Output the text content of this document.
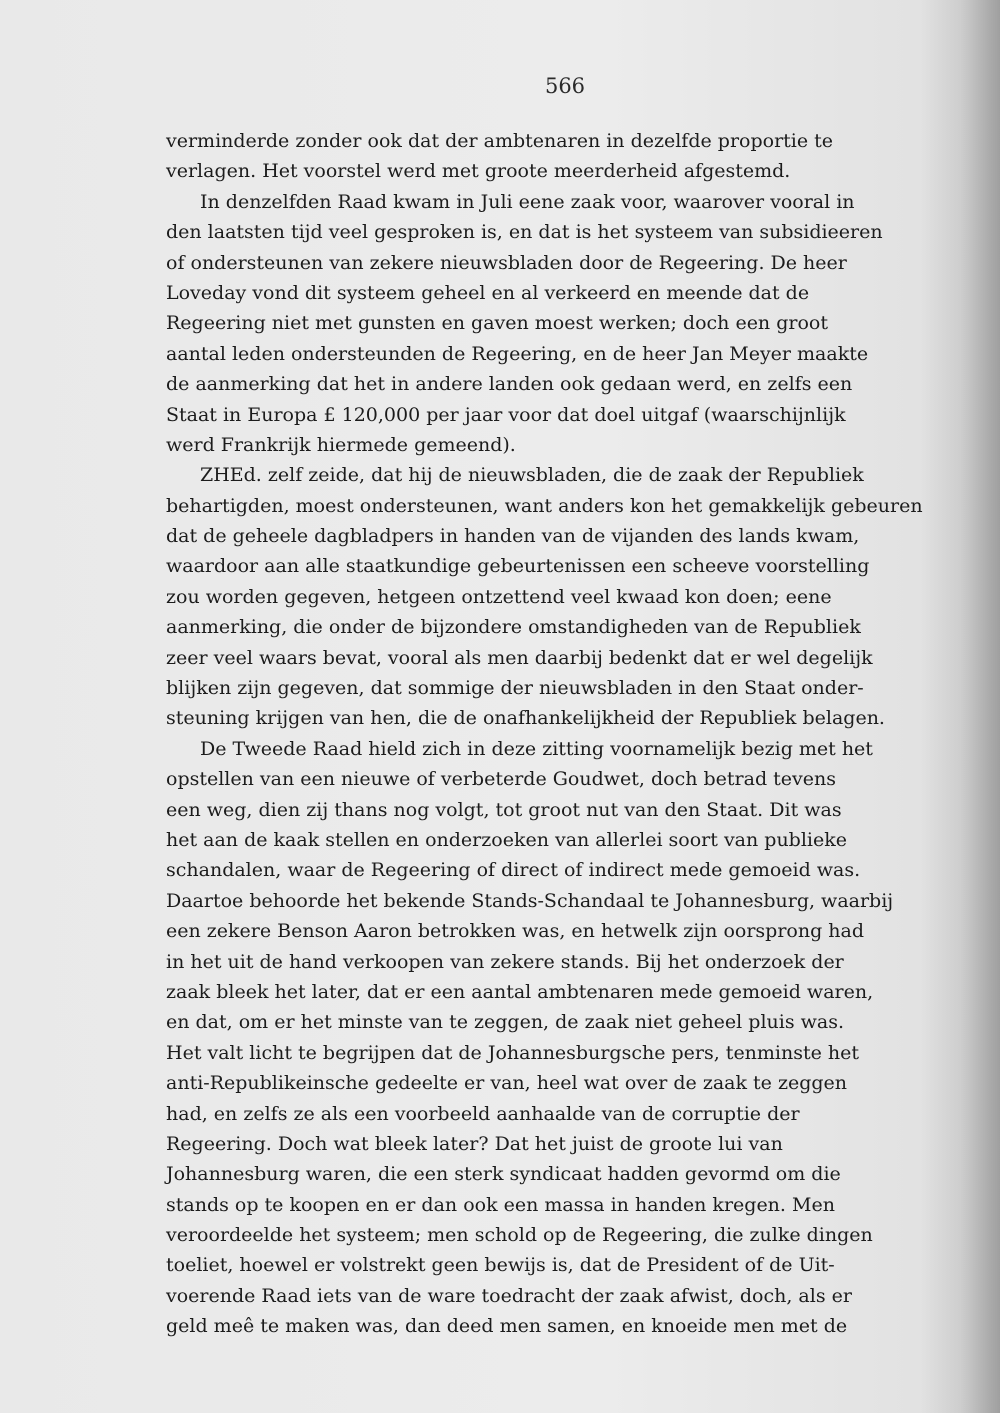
566
verminderde zonder ook dat der ambtenaren in dezelfde proportie te
verlagen. Het voorstel werd met groote meerderheid afgestemd.
In denzelfden Raad kwam in Juli eene zaak voor, waarover vooral in
den laatsten tijd veel gesproken is, en dat is het systeem van subsidieeren
of ondersteunen van zekere nieuwsbladen door de Regeering. De heer
Loveday vond dit systeem geheel en al verkeerd en meende dat de
Regeering niet met gunsten en gaven moest werken; doch een groot
aantal leden ondersteunden de Regeering, en de heer Jan Meyer maakte
de aanmerking dat het in andere landen ook gedaan werd, en zelfs een
Staat in Europa £ 120,000 per jaar voor dat doel uitgaf (waarschijnlijk
werd Frankrijk hiermede gemeend).
ZHEd. zelf zeide, dat hij de nieuwsbladen, die de zaak der Republiek
behartigden, moest ondersteunen, want anders kon het gemakkelijk gebeuren
dat de geheele dagbladpers in handen van de vijanden des lands kwam,
waardoor aan alle staatkundige gebeurtenissen een scheeve voorstelling
zou worden gegeven, hetgeen ontzettend veel kwaad kon doen; eene
aanmerking, die onder de bijzondere omstandigheden van de Republiek
zeer veel waars bevat, vooral als men daarbij bedenkt dat er wel degelijk
blijken zijn gegeven, dat sommige der nieuwsbladen in den Staat onder-
steuning krijgen van hen, die de onafhankelijkheid der Republiek belagen.
De Tweede Raad hield zich in deze zitting voornamelijk bezig met het
opstellen van een nieuwe of verbeterde Goudwet, doch betrad tevens
een weg, dien zij thans nog volgt, tot groot nut van den Staat. Dit was
het aan de kaak stellen en onderzoeken van allerlei soort van publieke
schandalen, waar de Regeering of direct of indirect mede gemoeid was.
Daartoe behoorde het bekende Stands-Schandaal te Johannesburg, waarbij
een zekere Benson Aaron betrokken was, en hetwelk zijn oorsprong had
in het uit de hand verkoopen van zekere stands. Bij het onderzoek der
zaak bleek het later, dat er een aantal ambtenaren mede gemoeid waren,
en dat, om er het minste van te zeggen, de zaak niet geheel pluis was.
Het valt licht te begrijpen dat de Johannesburgsche pers, tenminste het
anti-Republikeinsche gedeelte er van, heel wat over de zaak te zeggen
had, en zelfs ze als een voorbeeld aanhaalde van de corruptie der
Regeering. Doch wat bleek later? Dat het juist de groote lui van
Johannesburg waren, die een sterk syndicaat hadden gevormd om die
stands op te koopen en er dan ook een massa in handen kregen. Men
veroordeelde het systeem; men schold op de Regeering, die zulke dingen
toeliet, hoewel er volstrekt geen bewijs is, dat de President of de Uit-
voerende Raad iets van de ware toedracht der zaak afwist, doch, als er
geld meê te maken was, dan deed men samen, en knoeide men met de
